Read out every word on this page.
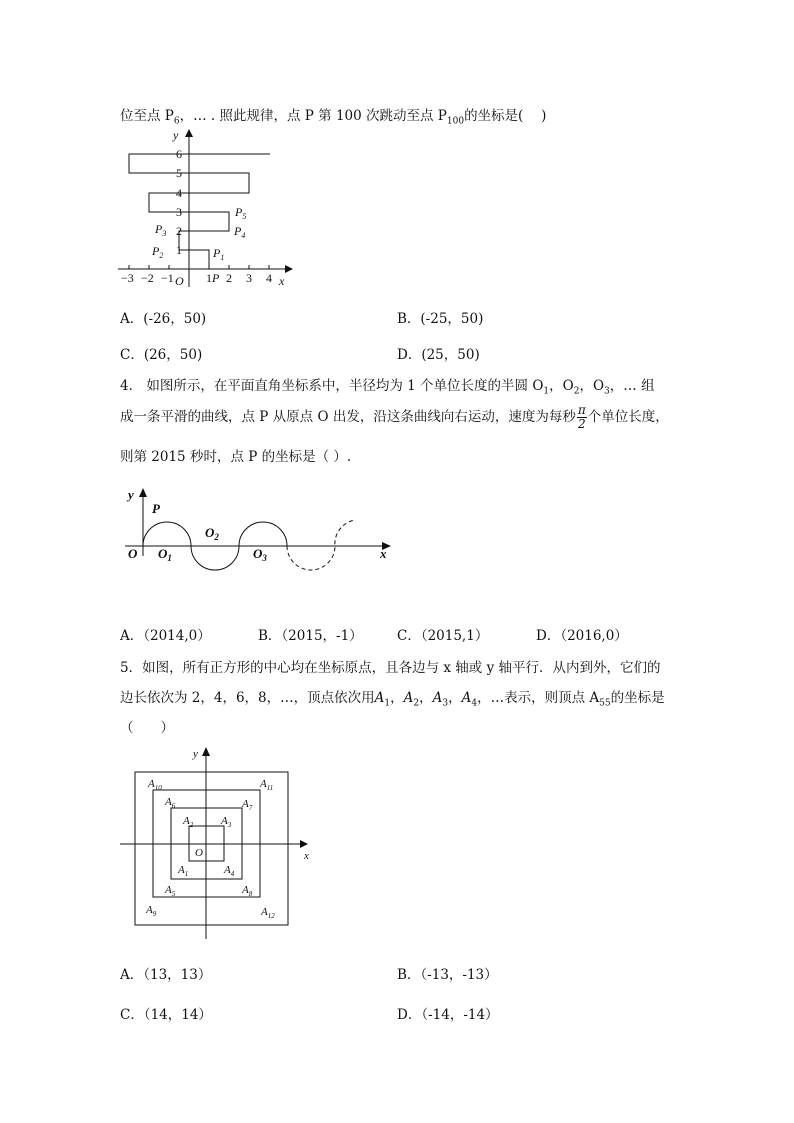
位至点 $P_6$，… . 照此规律，点 P 第 100 次跳动至点 $P_{100}$的坐标是(　 )
y
x
O
1
2
3
4
5
6
−3 −2 −1	1 2 3 4
P
$P_1$
$P_2$
$P_3$	$P_4$
$P_5$
A．(-26，50)	B．(-25，50)
C．(26，50)	D．(25，50)
4． 如图所示，在平面直角坐标系中，半径均为 1 个单位长度的半圆 $O_1$，$O_2$，$O_3$，… 组
成一条平滑的曲线，点 P 从原点 O 出发，沿这条曲线向右运动，速度为每秒 $\frac{\pi}{2}$ 个单位长度，
则第 2015 秒时，点 P 的坐标是（ ）.
y
x
O
P
$O_1$
$O_2$
$O_3$
A．（2014,0）	B．（2015，-1）	C．（2015,1）	D．（2016,0）
5．如图，所有正方形的中心均在坐标原点，且各边与 x 轴或 y 轴平行．从内到外，它们的
边长依次为 2，4，6，8，…，顶点依次用$A_1$，$A_2$，$A_3$，$A_4$，…表示，则顶点 $A_{55}$的坐标是
（　　）
y
x
O
$A_1$
$A_2$	$A_3$
$A_4$
$A_5$
$A_6$	$A_7$
$A_8$
$A_9$
$A_{10}$	$A_{11}$
$A_{12}$
A．（13，13）	B．（-13，-13）
C．（14，14）	D．（-14，-14）
